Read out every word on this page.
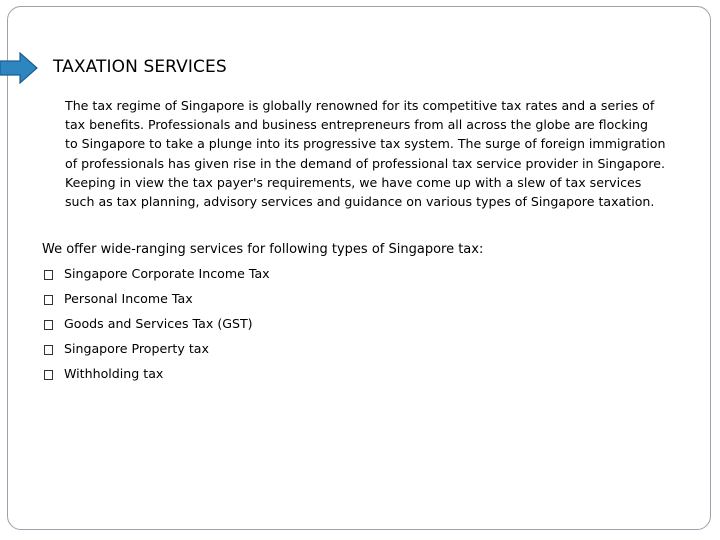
TAXATION SERVICES
The tax regime of Singapore is globally renowned for its competitive tax rates and a series of
tax benefits. Professionals and business entrepreneurs from all across the globe are flocking
to Singapore to take a plunge into its progressive tax system. The surge of foreign immigration
of professionals has given rise in the demand of professional tax service provider in Singapore.
Keeping in view the tax payer's requirements, we have come up with a slew of tax services
such as tax planning, advisory services and guidance on various types of Singapore taxation.
We offer wide-ranging services for following types of Singapore tax:
Singapore Corporate Income Tax
Personal Income Tax
Goods and Services Tax (GST)
Singapore Property tax
Withholding tax
